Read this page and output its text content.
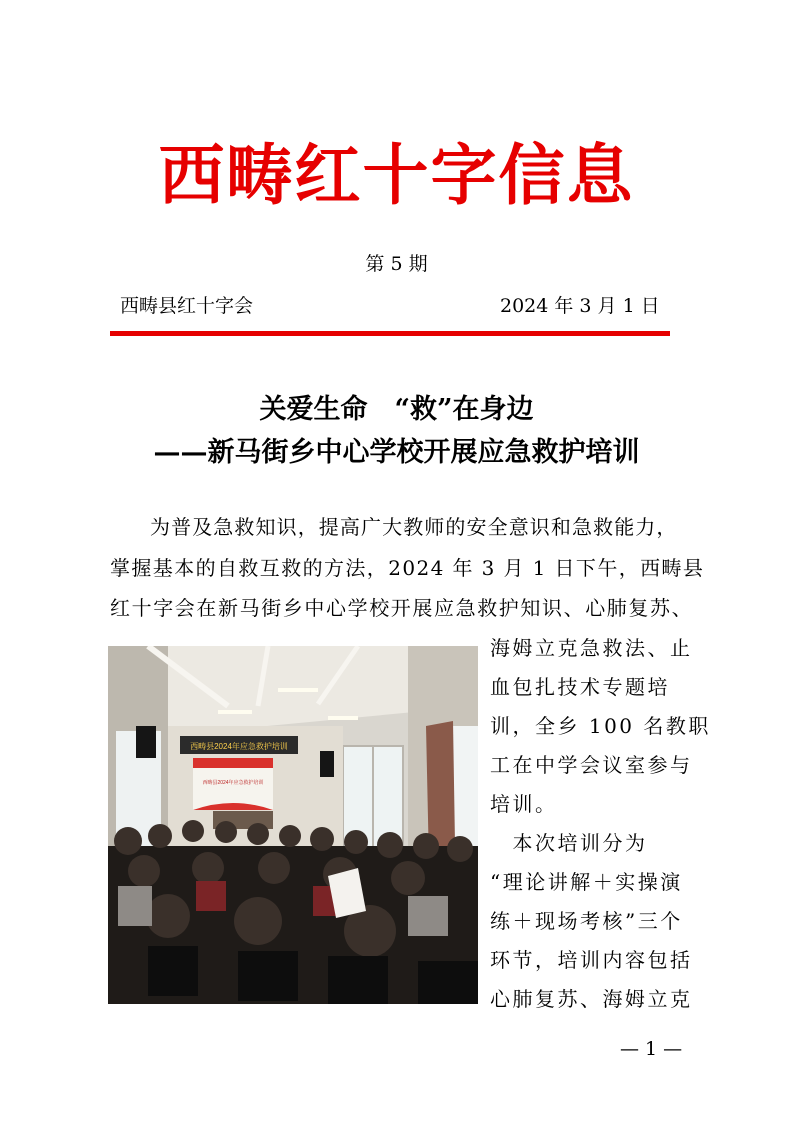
西畴红十字信息
第 5 期
西畴县红十字会	2024 年 3 月 1 日
关爱生命　“救”在身边
——新马街乡中心学校开展应急救护培训
为普及急救知识，提高广大教师的安全意识和急救能力，
掌握基本的自救互救的方法，2024 年 3 月 1 日下午，西畴县
红十字会在新马街乡中心学校开展应急救护知识、心肺复苏、
海姆立克急救法、止
血包扎技术专题培
训，全乡 100 名教职
工在中学会议室参与
培训。
　本次培训分为
“理论讲解＋实操演
练＋现场考核”三个
环节，培训内容包括
心肺复苏、海姆立克
西畴县2024年应急救护培训
西畴县2024年应急救护培训
— 1 —
